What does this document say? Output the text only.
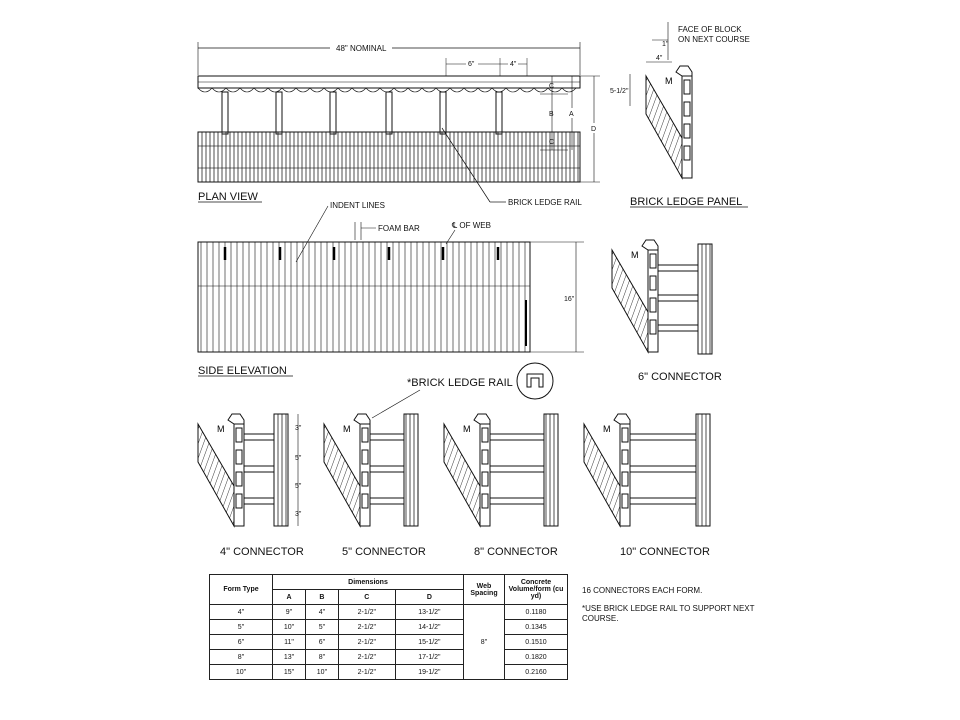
M
48" NOMINAL
6"	4"
C
B
C
A
D
BRICK LEDGE RAIL
PLAN VIEW
FACE OF BLOCK
ON NEXT COURSE
1"
4"
5-1/2"
BRICK LEDGE PANEL
INDENT LINES
FOAM BAR	℄ OF WEB
16"
SIDE ELEVATION	6" CONNECTOR
*BRICK LEDGE RAIL
3"
5"
5"
3"
4" CONNECTOR	5" CONNECTOR	8" CONNECTOR	10" CONNECTOR
Form Type	Dimensions				Web Spacing	Concrete Volume/form (cu yd)
	A	B	C	D		
4"	9"	4"	2-1/2"	13-1/2"	8"	0.1180
5"	10"	5"	2-1/2"	14-1/2"		0.1345
6"	11"	6"	2-1/2"	15-1/2"		0.1510
8"	13"	8"	2-1/2"	17-1/2"		0.1820
10"	15"	10"	2-1/2"	19-1/2"		0.2160
16 CONNECTORS EACH FORM.
*USE BRICK LEDGE RAIL TO SUPPORT NEXT COURSE.
